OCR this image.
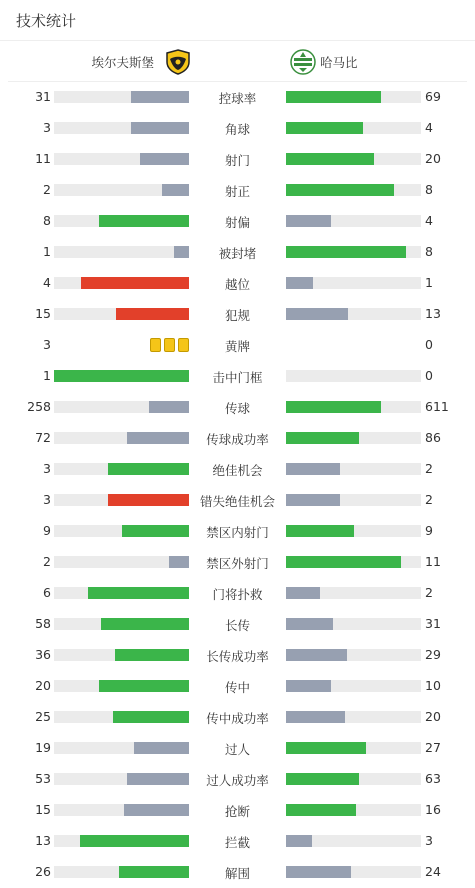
技术统计
埃尔夫斯堡	哈马比
31	控球率	69
3	角球	4
11	射门	20
2	射正	8
8	射偏	4
1	被封堵	8
4	越位	1
15	犯规	13
3	黄牌	0
1	击中门框	0
258	传球	611
72	传球成功率	86
3	绝佳机会	2
3	错失绝佳机会	2
9	禁区内射门	9
2	禁区外射门	11
6	门将扑救	2
58	长传	31
36	长传成功率	29
20	传中	10
25	传中成功率	20
19	过人	27
53	过人成功率	63
15	抢断	16
13	拦截	3
26	解围	24
